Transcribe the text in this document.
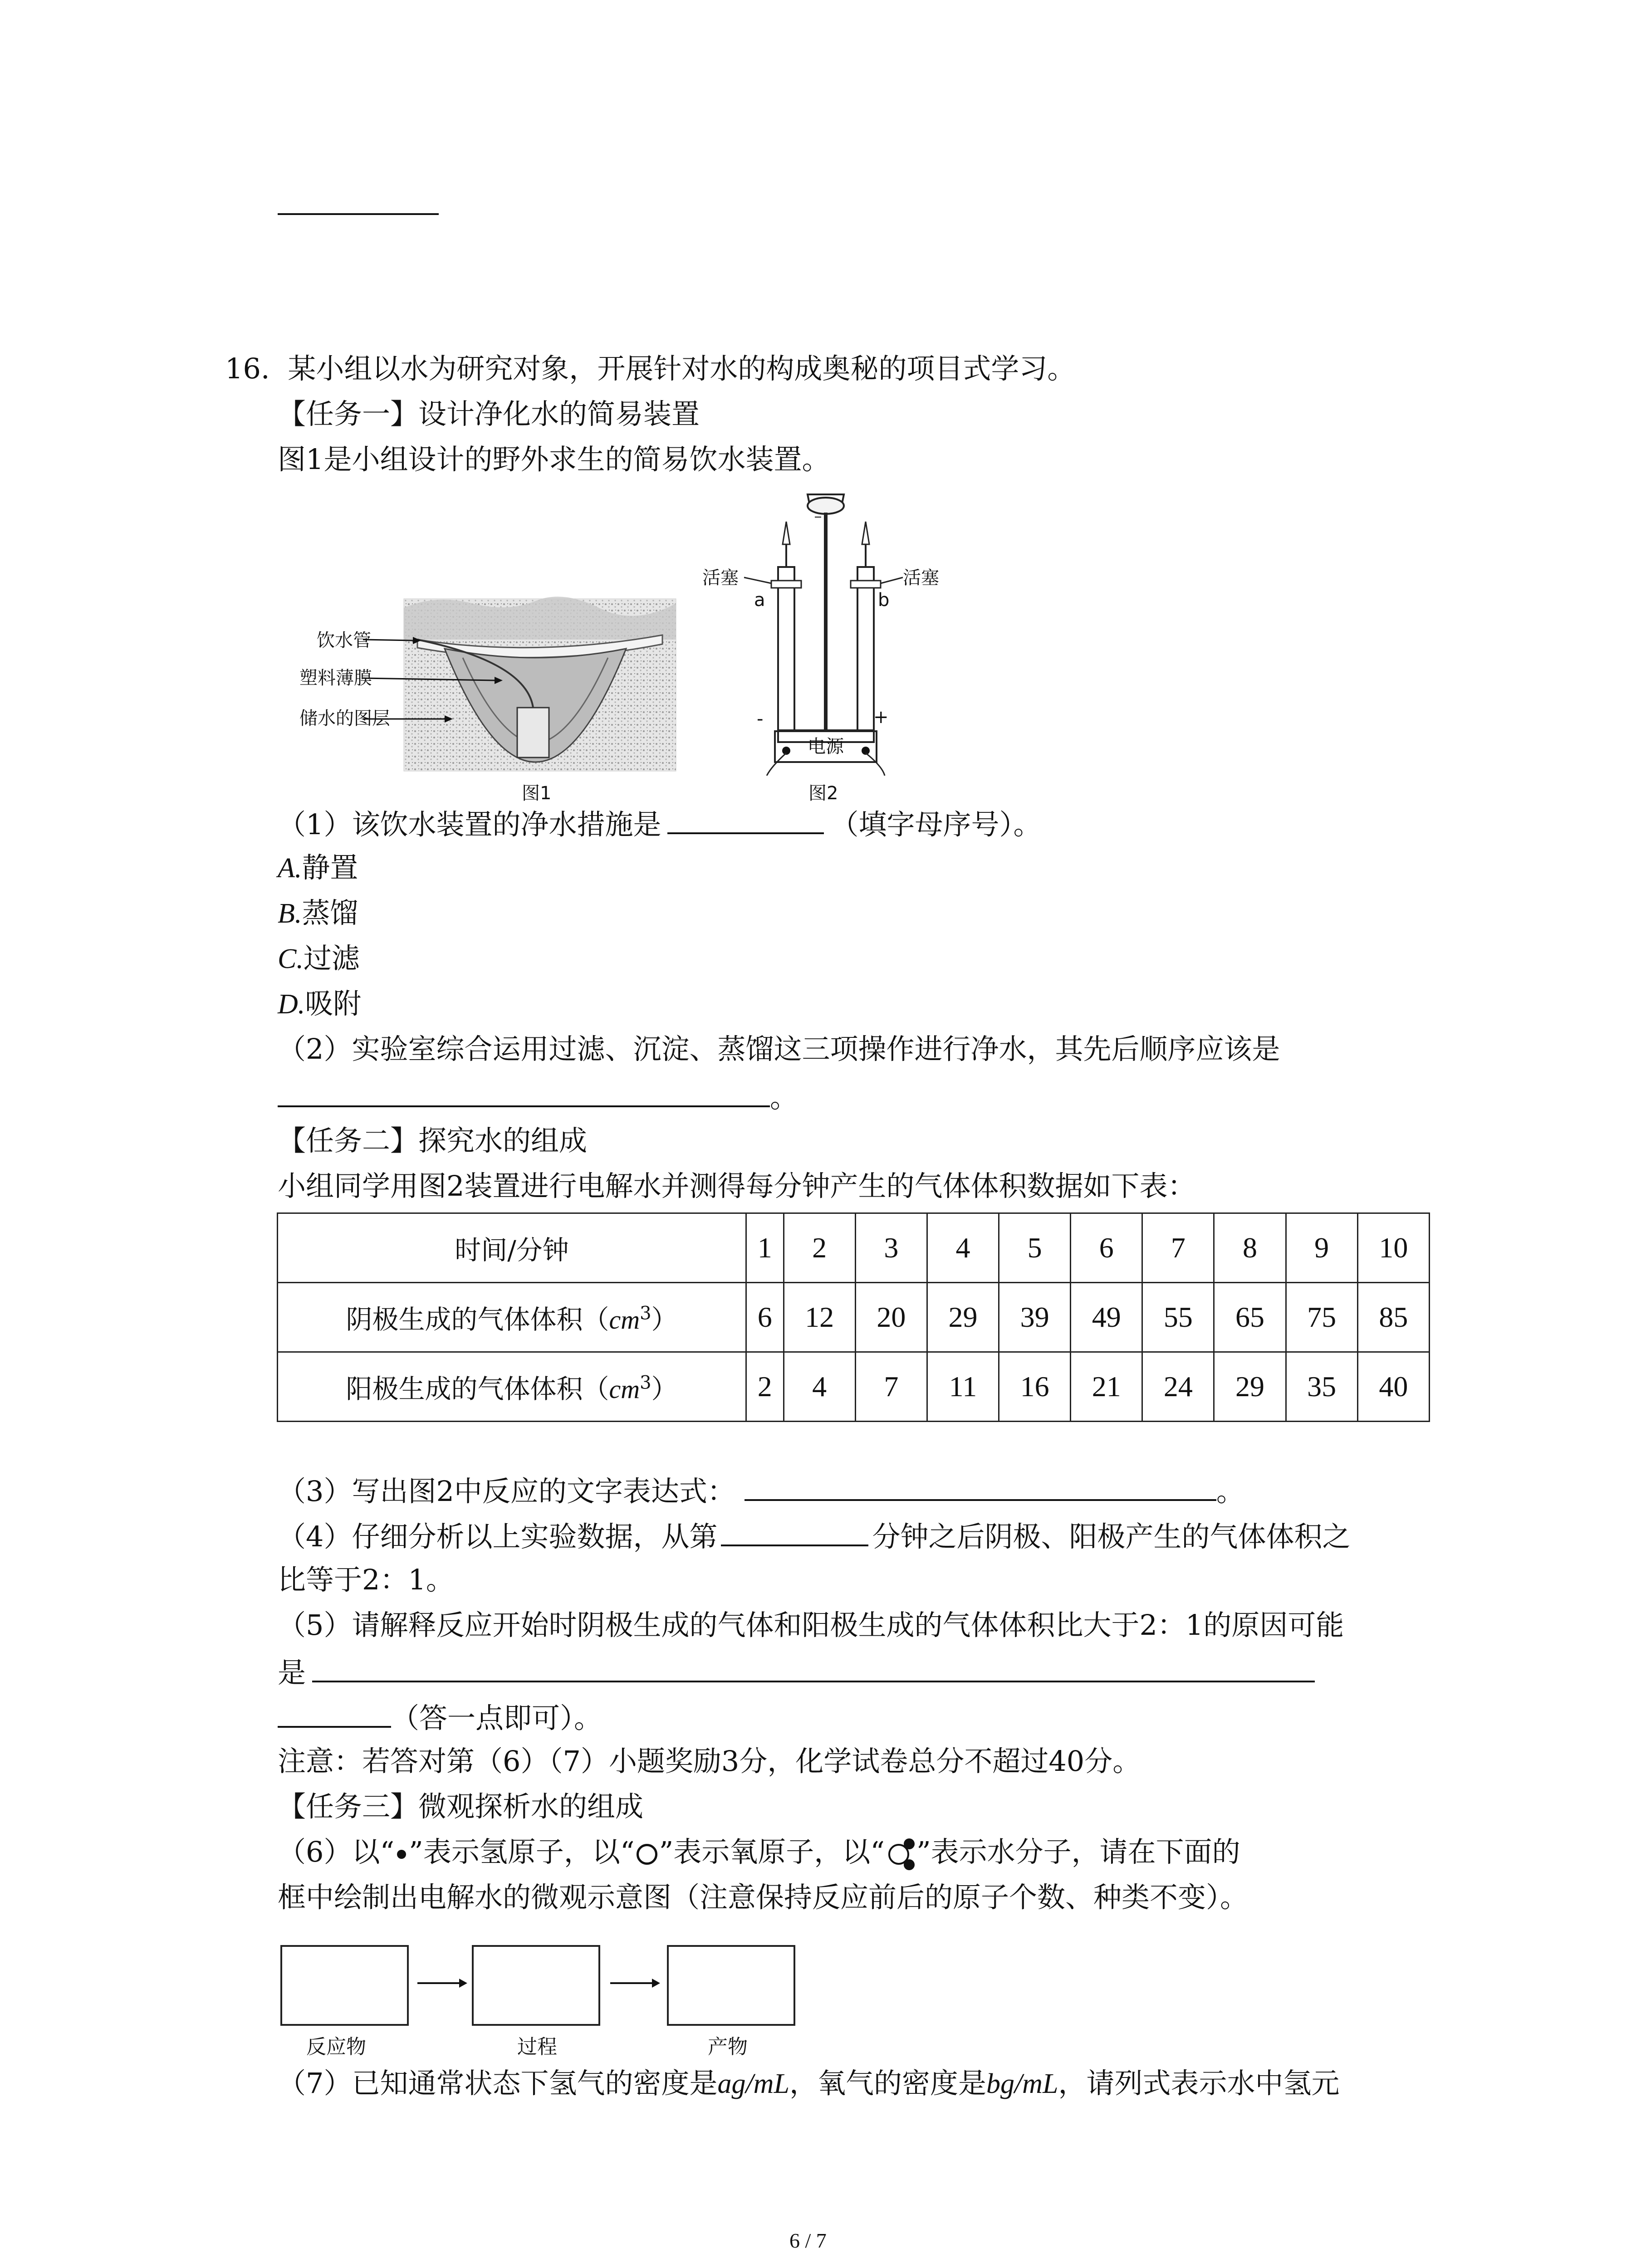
16. 某小组以水为研究对象，开展针对水的构成奥秘的项目式学习。
【任务一】设计净化水的简易装置
图1是小组设计的野外求生的简易饮水装置。
饮水管
塑料薄膜
储水的图层
图1
活塞	活塞
a	b
-	+
电源
图2
（1）该饮水装置的净水措施是	（填字母序号）。
A.静置
B.蒸馏
C.过滤
D.吸附
（2）实验室综合运用过滤、沉淀、蒸馏这三项操作进行净水，其先后顺序应该是
。
【任务二】探究水的组成
小组同学用图2装置进行电解水并测得每分钟产生的气体体积数据如下表：
时间/分钟	1	2	3	4	5	6	7	8	9	10
阴极生成的气体体积$(cm^3)$	6	12	20	29	39	49	55	65	75	85
阳极生成的气体体积$(cm^3)$	2	4	7	11	16	21	24	29	35	40
（3）写出图2中反应的文字表达式：	。
（4）仔细分析以上实验数据，从第	分钟之后阴极、阳极产生的气体体积之
比等于2：1。
（5）请解释反应开始时阴极生成的气体和阳极生成的气体体积比大于2：1的原因可能
是
（答一点即可）。
注意：若答对第（6）（7）小题奖励3分，化学试卷总分不超过40分。
【任务三】微观探析水的组成
（6）以“ ”表示氢原子，以“ ”表示氧原子，以“ ”表示水分子，请在下面的
框中绘制出电解水的微观示意图（注意保持反应前后的原子个数、种类不变）。
反应物	过程	产物
（7）已知通常状态下氢气的密度是ag/mL，氧气的密度是bg/mL，请列式表示水中氢元
6 / 7
